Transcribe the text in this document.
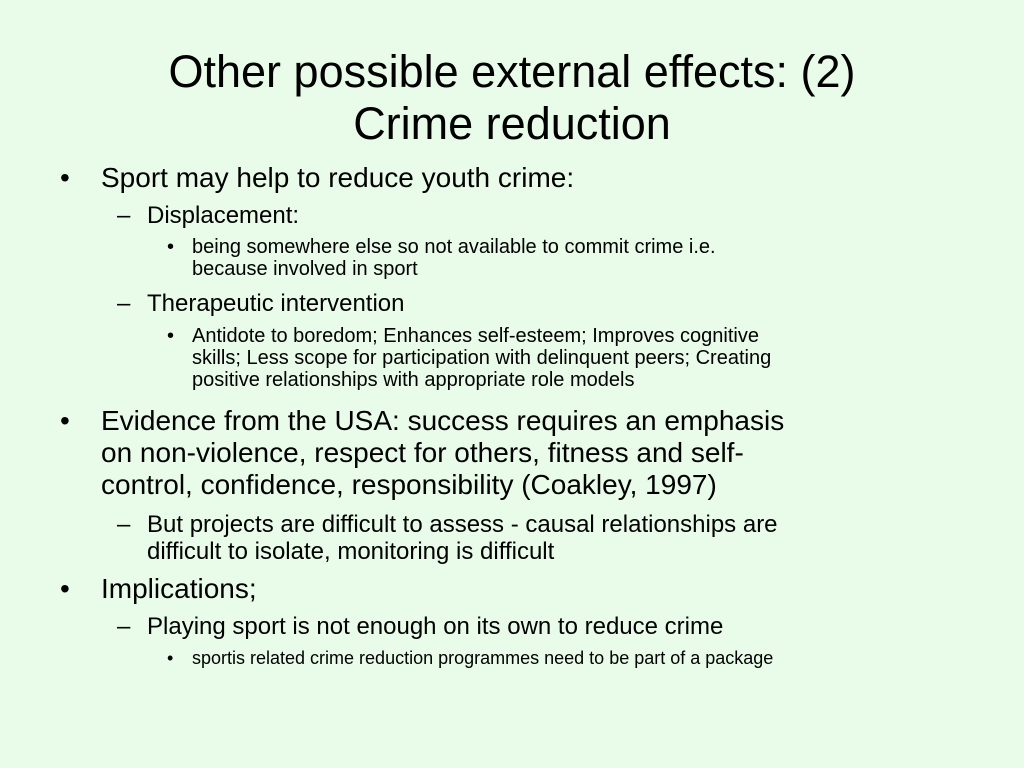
Other possible external effects: (2)
Crime reduction
• Sport may help to reduce youth crime:
– Displacement:
• being somewhere else so not available to commit crime i.e.
because involved in sport
– Therapeutic intervention
• Antidote to boredom; Enhances self-esteem; Improves cognitive
skills; Less scope for participation with delinquent peers; Creating
positive relationships with appropriate role models
• Evidence from the USA: success requires an emphasis
on non-violence, respect for others, fitness and self-
control, confidence, responsibility (Coakley, 1997)
– But projects are difficult to assess - causal relationships are
difficult to isolate, monitoring is difficult
• Implications;
– Playing sport is not enough on its own to reduce crime
• sportis related crime reduction programmes need to be part of a package
